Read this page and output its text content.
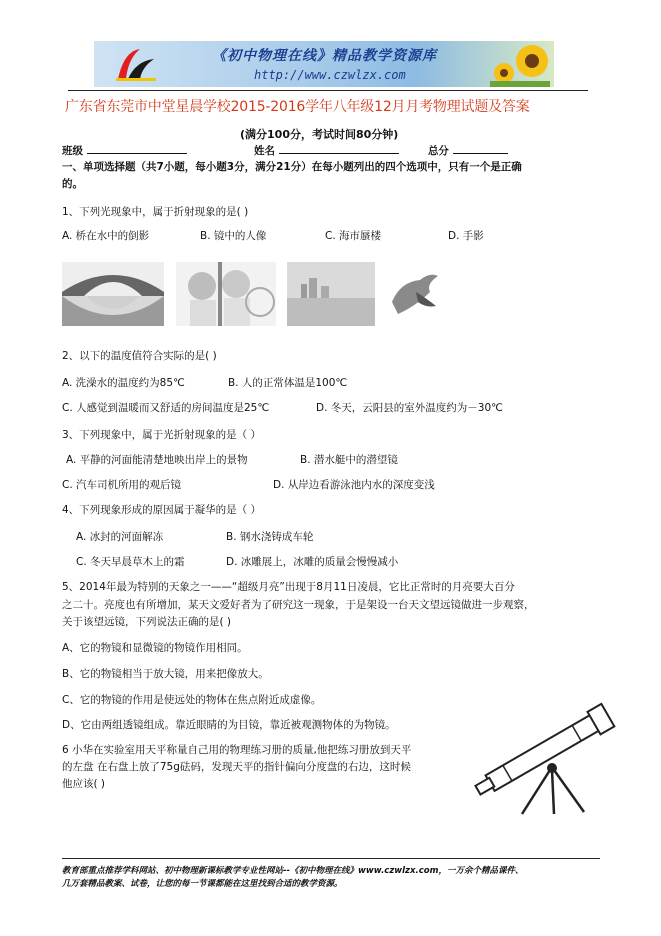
《初中物理在线》精品教学资源库
http://www.czwlzx.com
广东省东莞市中堂星晨学校2015-2016学年八年级12月月考物理试题及答案
(满分100分，考试时间80分钟)
班级	姓名	总分
一、单项选择题（共7小题，每小题3分，满分21分）在每小题列出的四个选项中，只有一个是正确
的。
1、下列光现象中，属于折射现象的是( )
A. 桥在水中的倒影	B. 镜中的人像	C. 海市蜃楼	D. 手影
2、以下的温度值符合实际的是( )
A. 洗澡水的温度约为85℃	B. 人的正常体温是100℃
C. 人感觉到温暖而又舒适的房间温度是25℃	D. 冬天，云阳县的室外温度约为－30℃
3、下列现象中，属于光折射现象的是（ ）
A. 平静的河面能清楚地映出岸上的景物	B. 潜水艇中的潜望镜
C. 汽车司机所用的观后镜	D. 从岸边看游泳池内水的深度变浅
4、下列现象形成的原因属于凝华的是（ ）
A. 冰封的河面解冻	B. 钢水浇铸成车轮
C. 冬天早晨草木上的霜	D. 冰雕展上，冰雕的质量会慢慢减小
5、2014年最为特别的天象之一——“超级月亮”出现于8月11日凌晨，它比正常时的月亮要大百分
之二十。亮度也有所增加，某天文爱好者为了研究这一现象，于是架设一台天文望远镜做进一步观察，
关于该望远镜，下列说法正确的是( )
A、它的物镜和显微镜的物镜作用相同。
B、它的物镜相当于放大镜，用来把像放大。
C、它的物镜的作用是使远处的物体在焦点附近成虚像。
D、它由两组透镜组成。靠近眼睛的为目镜，靠近被观测物体的为物镜。
6 小华在实验室用天平称量自己用的物理练习册的质量,他把练习册放到天平
的左盘 在右盘上放了75g砝码，发现天平的指针偏向分度盘的右边，这时候
他应该( )
教育部重点推荐学科网站、初中物理新课标教学专业性网站--《初中物理在线》www.czwlzx.com，一万余个精品课件、
几万套精品教案、试卷，让您的每一节课都能在这里找到合适的教学资源。
